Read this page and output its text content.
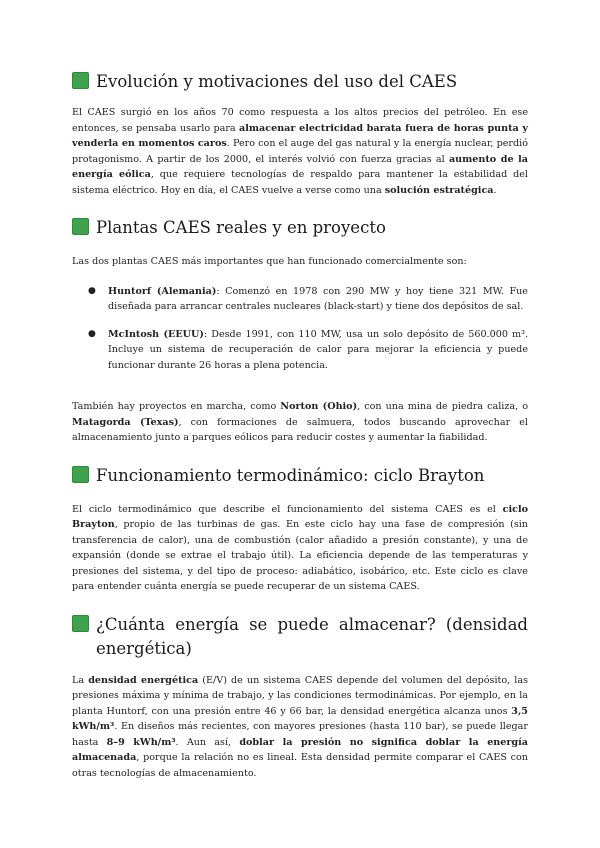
Evolución y motivaciones del uso del CAES

El CAES surgió en los años 70 como respuesta a los altos precios del petróleo. En ese entonces, se pensaba usarlo para almacenar electricidad barata fuera de horas punta y venderla en momentos caros. Pero con el auge del gas natural y la energía nuclear, perdió protagonismo. A partir de los 2000, el interés volvió con fuerza gracias al aumento de la energía eólica, que requiere tecnologías de respaldo para mantener la estabilidad del sistema eléctrico. Hoy en día, el CAES vuelve a verse como una solución estratégica.

Plantas CAES reales y en proyecto

Las dos plantas CAES más importantes que han funcionado comercialmente son:

● Huntorf (Alemania): Comenzó en 1978 con 290 MW y hoy tiene 321 MW. Fue diseñada para arrancar centrales nucleares (black-start) y tiene dos depósitos de sal.

● McIntosh (EEUU): Desde 1991, con 110 MW, usa un solo depósito de 560.000 m³. Incluye un sistema de recuperación de calor para mejorar la eficiencia y puede funcionar durante 26 horas a plena potencia.

También hay proyectos en marcha, como Norton (Ohio), con una mina de piedra caliza, o Matagorda (Texas), con formaciones de salmuera, todos buscando aprovechar el almacenamiento junto a parques eólicos para reducir costes y aumentar la fiabilidad.

Funcionamiento termodinámico: ciclo Brayton

El ciclo termodinámico que describe el funcionamiento del sistema CAES es el ciclo Brayton, propio de las turbinas de gas. En este ciclo hay una fase de compresión (sin transferencia de calor), una de combustión (calor añadido a presión constante), y una de expansión (donde se extrae el trabajo útil). La eficiencia depende de las temperaturas y presiones del sistema, y del tipo de proceso: adiabático, isobárico, etc. Este ciclo es clave para entender cuánta energía se puede recuperar de un sistema CAES.

¿Cuánta energía se puede almacenar? (densidad
energética)

La densidad energética (E/V) de un sistema CAES depende del volumen del depósito, las presiones máxima y mínima de trabajo, y las condiciones termodinámicas. Por ejemplo, en la planta Huntorf, con una presión entre 46 y 66 bar, la densidad energética alcanza unos 3,5 kWh/m³. En diseños más recientes, con mayores presiones (hasta 110 bar), se puede llegar hasta 8–9 kWh/m³. Aun así, doblar la presión no significa doblar la energía almacenada, porque la relación no es lineal. Esta densidad permite comparar el CAES con otras tecnologías de almacenamiento.
